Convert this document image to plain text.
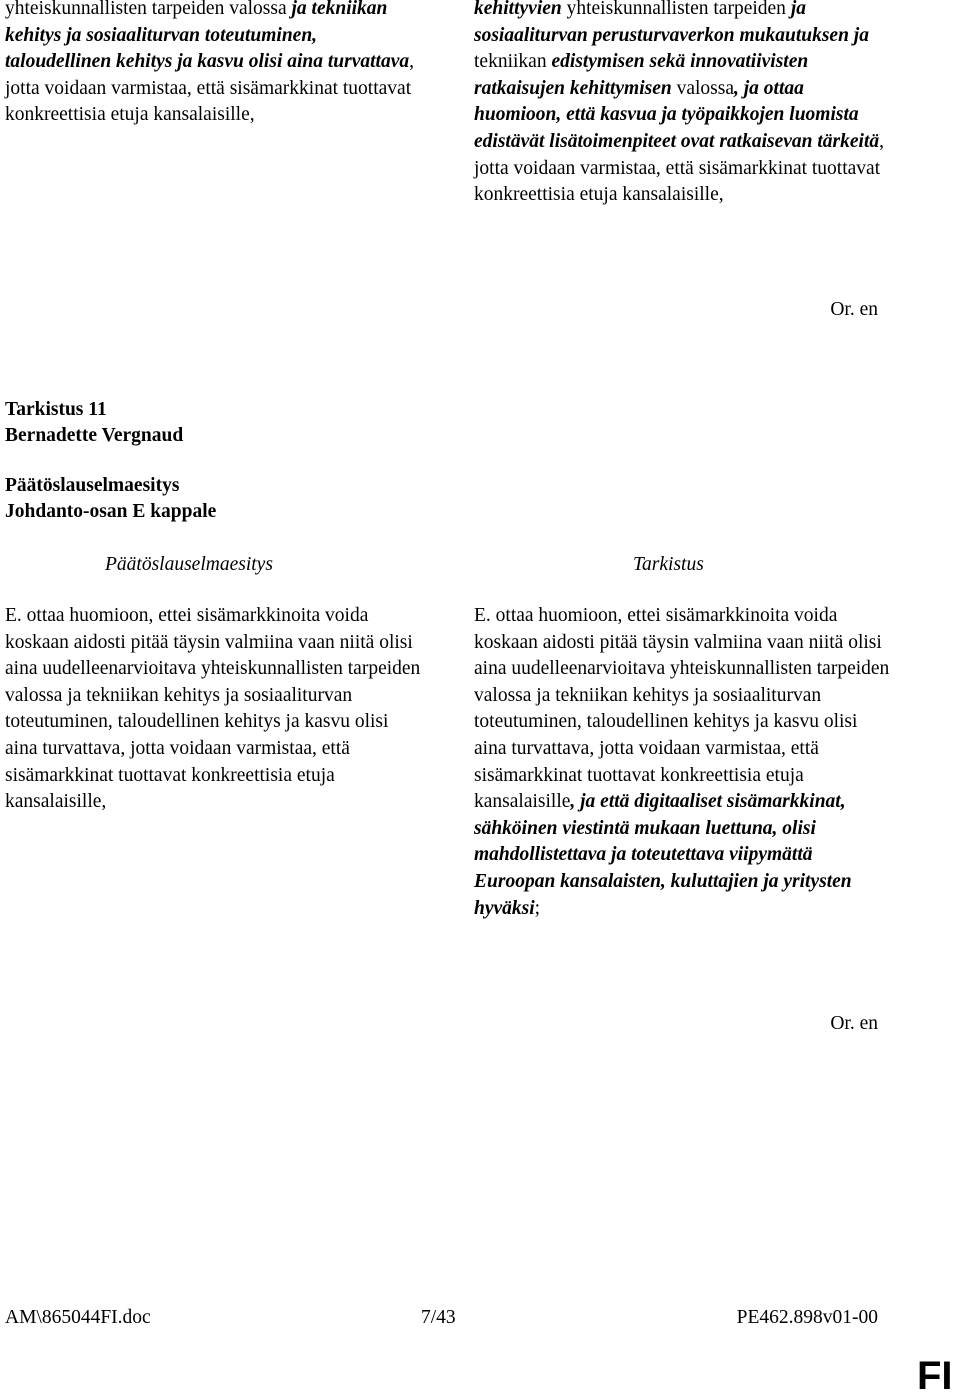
yhteiskunnallisten tarpeiden valossa ja tekniikan kehitys ja sosiaaliturvan toteutuminen, taloudellinen kehitys ja kasvu olisi aina turvattava, jotta voidaan varmistaa, että sisämarkkinat tuottavat konkreettisia etuja kansalaisille,

kehittyvien yhteiskunnallisten tarpeiden ja sosiaaliturvan perusturvaverkon mukautuksen ja tekniikan edistymisen sekä innovatiivisten ratkaisujen kehittymisen valossa, ja ottaa huomioon, että kasvua ja työpaikkojen luomista edistävät lisätoimenpiteet ovat ratkaisevan tärkeitä, jotta voidaan varmistaa, että sisämarkkinat tuottavat konkreettisia etuja kansalaisille,

Or. en
Tarkistus 11
Bernadette Vergnaud
Päätöslauselmaesitys
Johdanto-osan E kappale
Päätöslauselmaesitys	Tarkistus

E. ottaa huomioon, ettei sisämarkkinoita voida koskaan aidosti pitää täysin valmiina vaan niitä olisi aina uudelleenarvioitava yhteiskunnallisten tarpeiden valossa ja tekniikan kehitys ja sosiaaliturvan toteutuminen, taloudellinen kehitys ja kasvu olisi aina turvattava, jotta voidaan varmistaa, että sisämarkkinat tuottavat konkreettisia etuja kansalaisille,

E. ottaa huomioon, ettei sisämarkkinoita voida koskaan aidosti pitää täysin valmiina vaan niitä olisi aina uudelleenarvioitava yhteiskunnallisten tarpeiden valossa ja tekniikan kehitys ja sosiaaliturvan toteutuminen, taloudellinen kehitys ja kasvu olisi aina turvattava, jotta voidaan varmistaa, että sisämarkkinat tuottavat konkreettisia etuja kansalaisille, ja että digitaaliset sisämarkkinat, sähköinen viestintä mukaan luettuna, olisi mahdollistettava ja toteutettava viipymättä Euroopan kansalaisten, kuluttajien ja yritysten hyväksi;

Or. en
AM\865044FI.doc	7/43	PE462.898v01-00
FI
